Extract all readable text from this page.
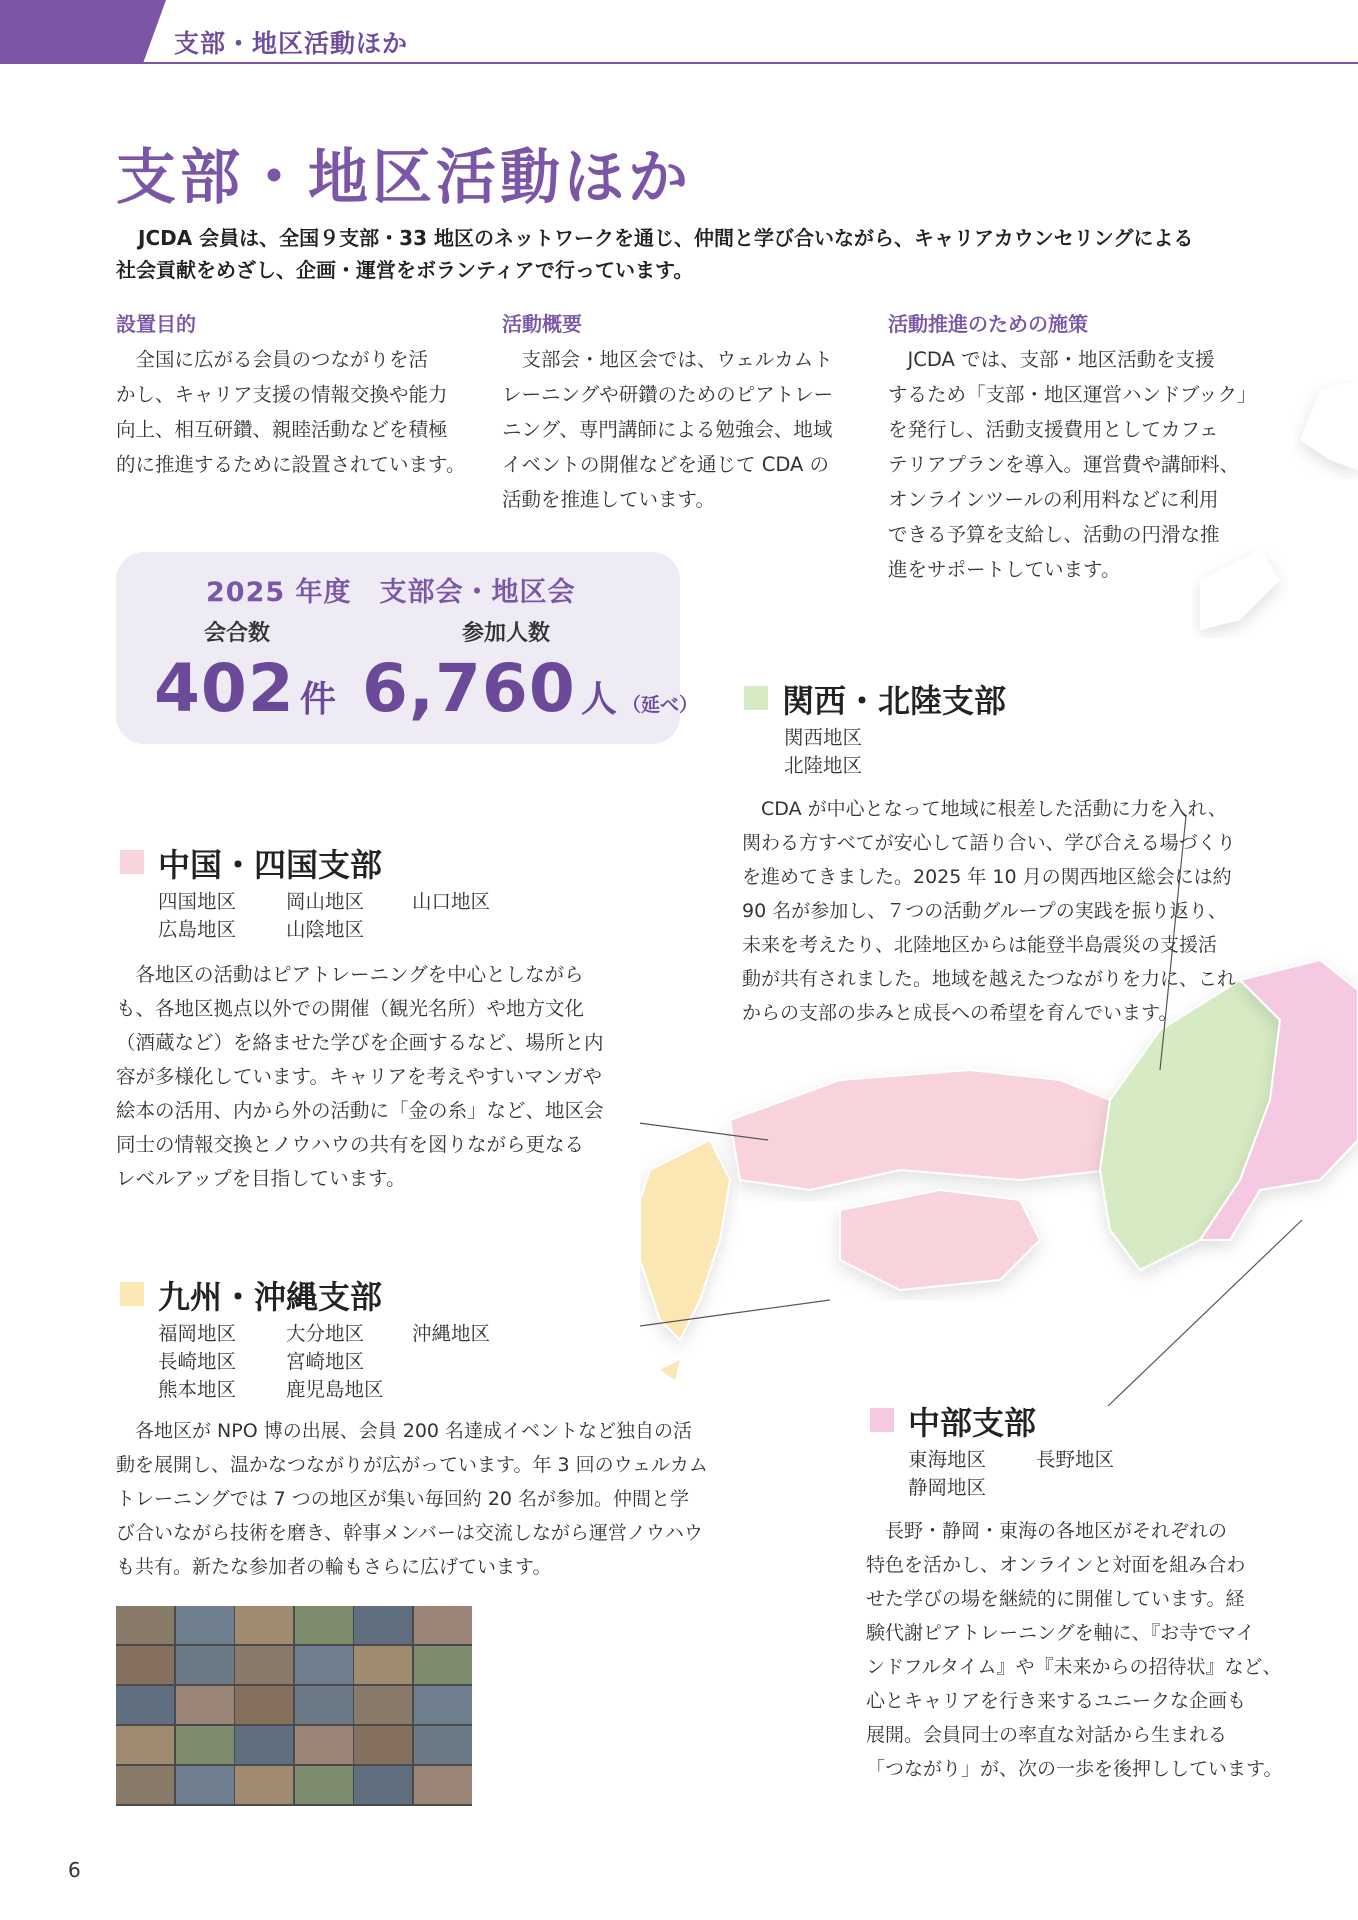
支部・地区活動ほか
支部・地区活動ほか
JCDA 会員は、全国９支部・33 地区のネットワークを通じ、仲間と学び合いながら、キャリアカウンセリングによる
社会貢献をめざし、企画・運営をボランティアで行っています。
設置目的

　全国に広がる会員のつながりを活

かし、キャリア支援の情報交換や能力

向上、相互研鑽、親睦活動などを積極

的に推進するために設置されています。

活動概要

　支部会・地区会では、ウェルカムト

レーニングや研鑽のためのピアトレー

ニング、専門講師による勉強会、地域

イベントの開催などを通じて CDA の

活動を推進しています。

活動推進のための施策

　JCDA では、支部・地区活動を支援

するため「支部・地区運営ハンドブック」

を発行し、活動支援費用としてカフェ

テリアプランを導入。運営費や講師料、

オンラインツールの利用料などに利用

できる予算を支給し、活動の円滑な推

進をサポートしています。

2025 年度　支部会・地区会
会合数	参加人数
402 件 6,760 人 （延べ）	関西・北陸支部
関西地区
北陸地区

　CDA が中心となって地域に根差した活動に力を入れ、

関わる方すべてが安心して語り合い、学び合える場づくり

を進めてきました。2025 年 10 月の関西地区総会には約

90 名が参加し、７つの活動グループの実践を振り返り、

未来を考えたり、北陸地区からは能登半島震災の支援活

動が共有されました。地域を越えたつながりを力に、これ

からの支部の歩みと成長への希望を育んでいます。

中国・四国支部
四国地区	岡山地区 山口地区
広島地区	山陰地区

　各地区の活動はピアトレーニングを中心としながら

も、各地区拠点以外での開催（観光名所）や地方文化

（酒蔵など）を絡ませた学びを企画するなど、場所と内

容が多様化しています。キャリアを考えやすいマンガや

絵本の活用、内から外の活動に「金の糸」など、地区会

同士の情報交換とノウハウの共有を図りながら更なる

レベルアップを目指しています。

九州・沖縄支部
福岡地区	大分地区 沖縄地区
長崎地区	宮崎地区
熊本地区	鹿児島地区

　各地区が NPO 博の出展、会員 200 名達成イベントなど独自の活

動を展開し、温かなつながりが広がっています。年 3 回のウェルカム

トレーニングでは 7 つの地区が集い毎回約 20 名が参加。仲間と学

び合いながら技術を磨き、幹事メンバーは交流しながら運営ノウハウ

も共有。新たな参加者の輪もさらに広げています。

中部支部
東海地区	長野地区
静岡地区

　長野・静岡・東海の各地区がそれぞれの

特色を活かし、オンラインと対面を組み合わ

せた学びの場を継続的に開催しています。経

験代謝ピアトレーニングを軸に、『お寺でマイ

ンドフルタイム』や『未来からの招待状』など、

心とキャリアを行き来するユニークな企画も

展開。会員同士の率直な対話から生まれる

「つながり」が、次の一歩を後押ししています。

6
